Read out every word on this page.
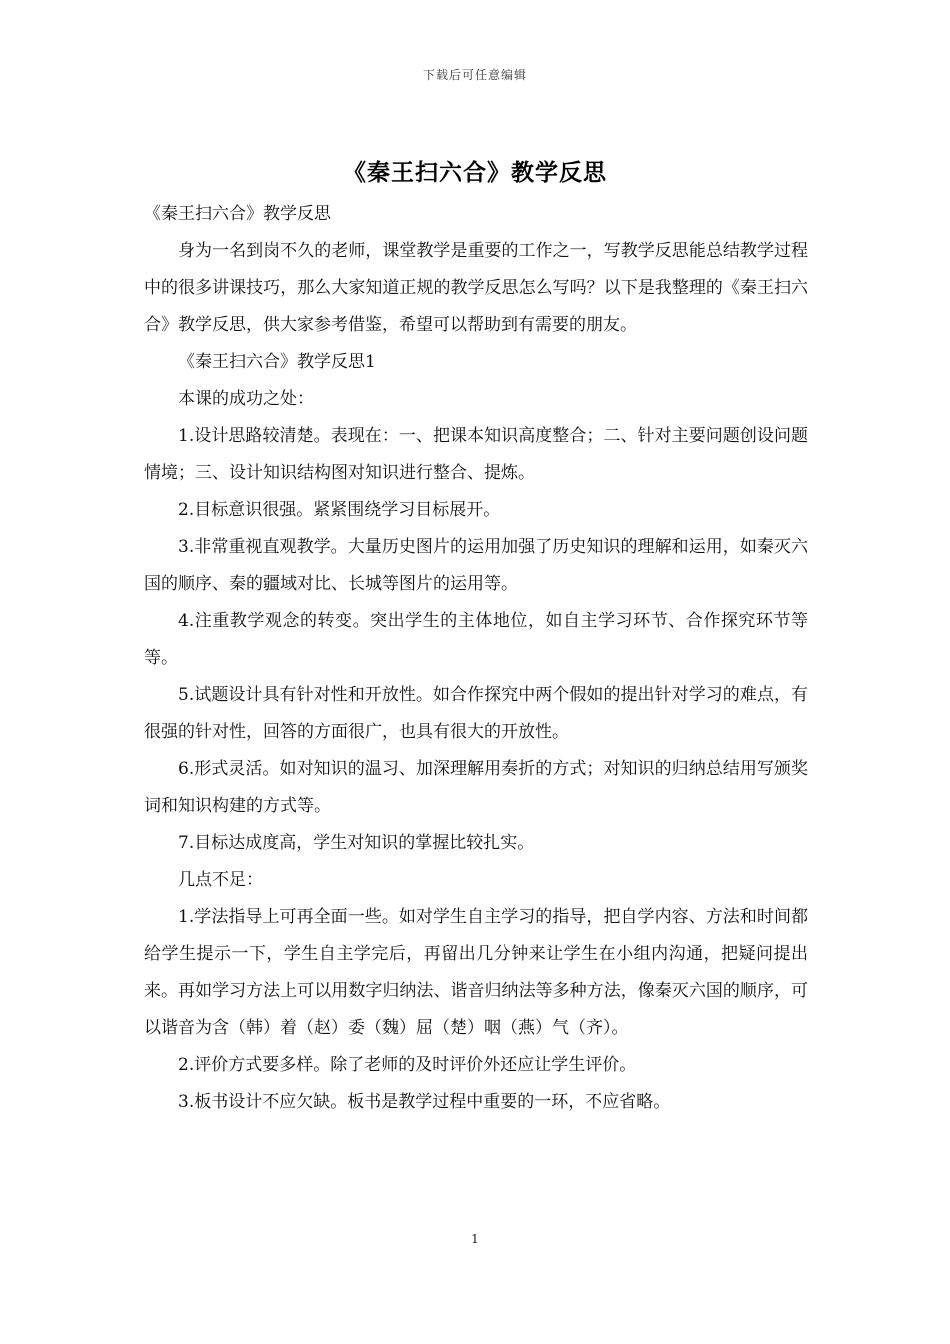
下载后可任意编辑
《秦王扫六合》教学反思

《秦王扫六合》教学反思

身为一名到岗不久的老师，课堂教学是重要的工作之一，写教学反思能总结教学过程中的很多讲课技巧，那么大家知道正规的教学反思怎么写吗？以下是我整理的《秦王扫六合》教学反思，供大家参考借鉴，希望可以帮助到有需要的朋友。

《秦王扫六合》教学反思1

本课的成功之处：

1.设计思路较清楚。表现在：一、把课本知识高度整合；二、针对主要问题创设问题情境；三、设计知识结构图对知识进行整合、提炼。

2.目标意识很强。紧紧围绕学习目标展开。

3.非常重视直观教学。大量历史图片的运用加强了历史知识的理解和运用，如秦灭六国的顺序、秦的疆域对比、长城等图片的运用等。

4.注重教学观念的转变。突出学生的主体地位，如自主学习环节、合作探究环节等等。

5.试题设计具有针对性和开放性。如合作探究中两个假如的提出针对学习的难点，有很强的针对性，回答的方面很广，也具有很大的开放性。

6.形式灵活。如对知识的温习、加深理解用奏折的方式；对知识的归纳总结用写颁奖词和知识构建的方式等。

7.目标达成度高，学生对知识的掌握比较扎实。

几点不足：

1.学法指导上可再全面一些。如对学生自主学习的指导，把自学内容、方法和时间都给学生提示一下，学生自主学完后，再留出几分钟来让学生在小组内沟通，把疑问提出来。再如学习方法上可以用数字归纳法、谐音归纳法等多种方法，像秦灭六国的顺序，可以谐音为含（韩）着（赵）委（魏）屈（楚）咽（燕）气（齐）。

2.评价方式要多样。除了老师的及时评价外还应让学生评价。

3.板书设计不应欠缺。板书是教学过程中重要的一环，不应省略。

1
